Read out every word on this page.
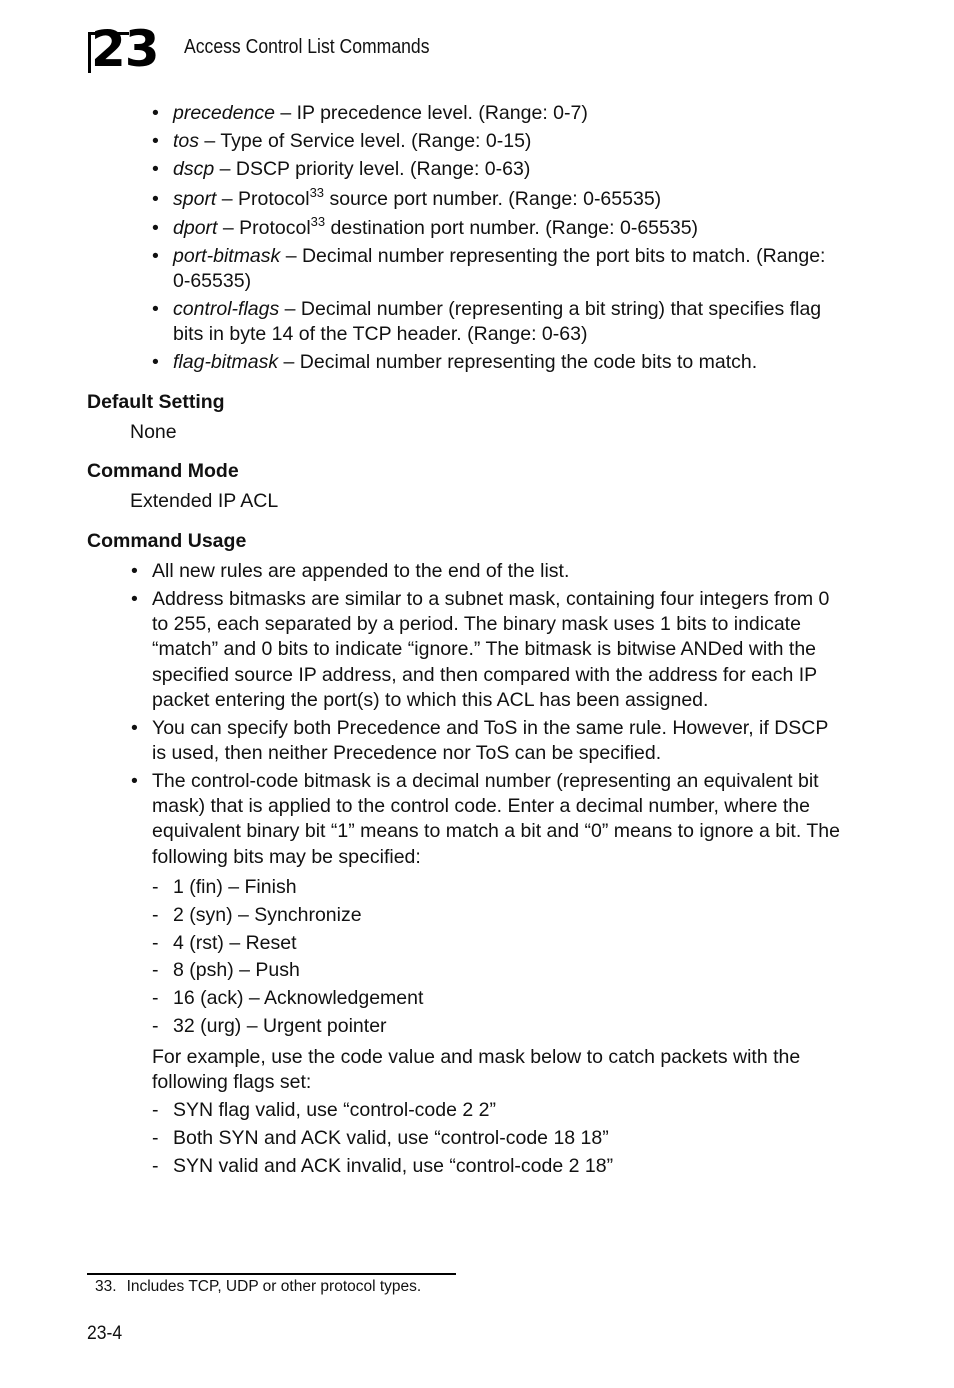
23 Access Control List Commands
• precedence – IP precedence level. (Range: 0-7)
• tos – Type of Service level. (Range: 0-15)
• dscp – DSCP priority level. (Range: 0-63)
• sport – Protocol$^{33}$ source port number. (Range: 0-65535)
• dport – Protocol$^{33}$ destination port number. (Range: 0-65535)
• port-bitmask – Decimal number representing the port bits to match. (Range: 0-65535)
• control-flags – Decimal number (representing a bit string) that specifies flag bits in byte 14 of the TCP header. (Range: 0-63)
• flag-bitmask – Decimal number representing the code bits to match.
Default Setting
None
Command Mode
Extended IP ACL
Command Usage
• All new rules are appended to the end of the list.
• Address bitmasks are similar to a subnet mask, containing four integers from 0 to 255, each separated by a period. The binary mask uses 1 bits to indicate “match” and 0 bits to indicate “ignore.” The bitmask is bitwise ANDed with the specified source IP address, and then compared with the address for each IP packet entering the port(s) to which this ACL has been assigned.
• You can specify both Precedence and ToS in the same rule. However, if DSCP is used, then neither Precedence nor ToS can be specified.
• The control-code bitmask is a decimal number (representing an equivalent bit mask) that is applied to the control code. Enter a decimal number, where the equivalent binary bit “1” means to match a bit and “0” means to ignore a bit. The following bits may be specified:
- 1 (fin) – Finish
- 2 (syn) – Synchronize
- 4 (rst) – Reset
- 8 (psh) – Push
- 16 (ack) – Acknowledgement
- 32 (urg) – Urgent pointer
For example, use the code value and mask below to catch packets with the following flags set:
- SYN flag valid, use “control-code 2 2”
- Both SYN and ACK valid, use “control-code 18 18”
- SYN valid and ACK invalid, use “control-code 2 18”
33. Includes TCP, UDP or other protocol types.
23-4
